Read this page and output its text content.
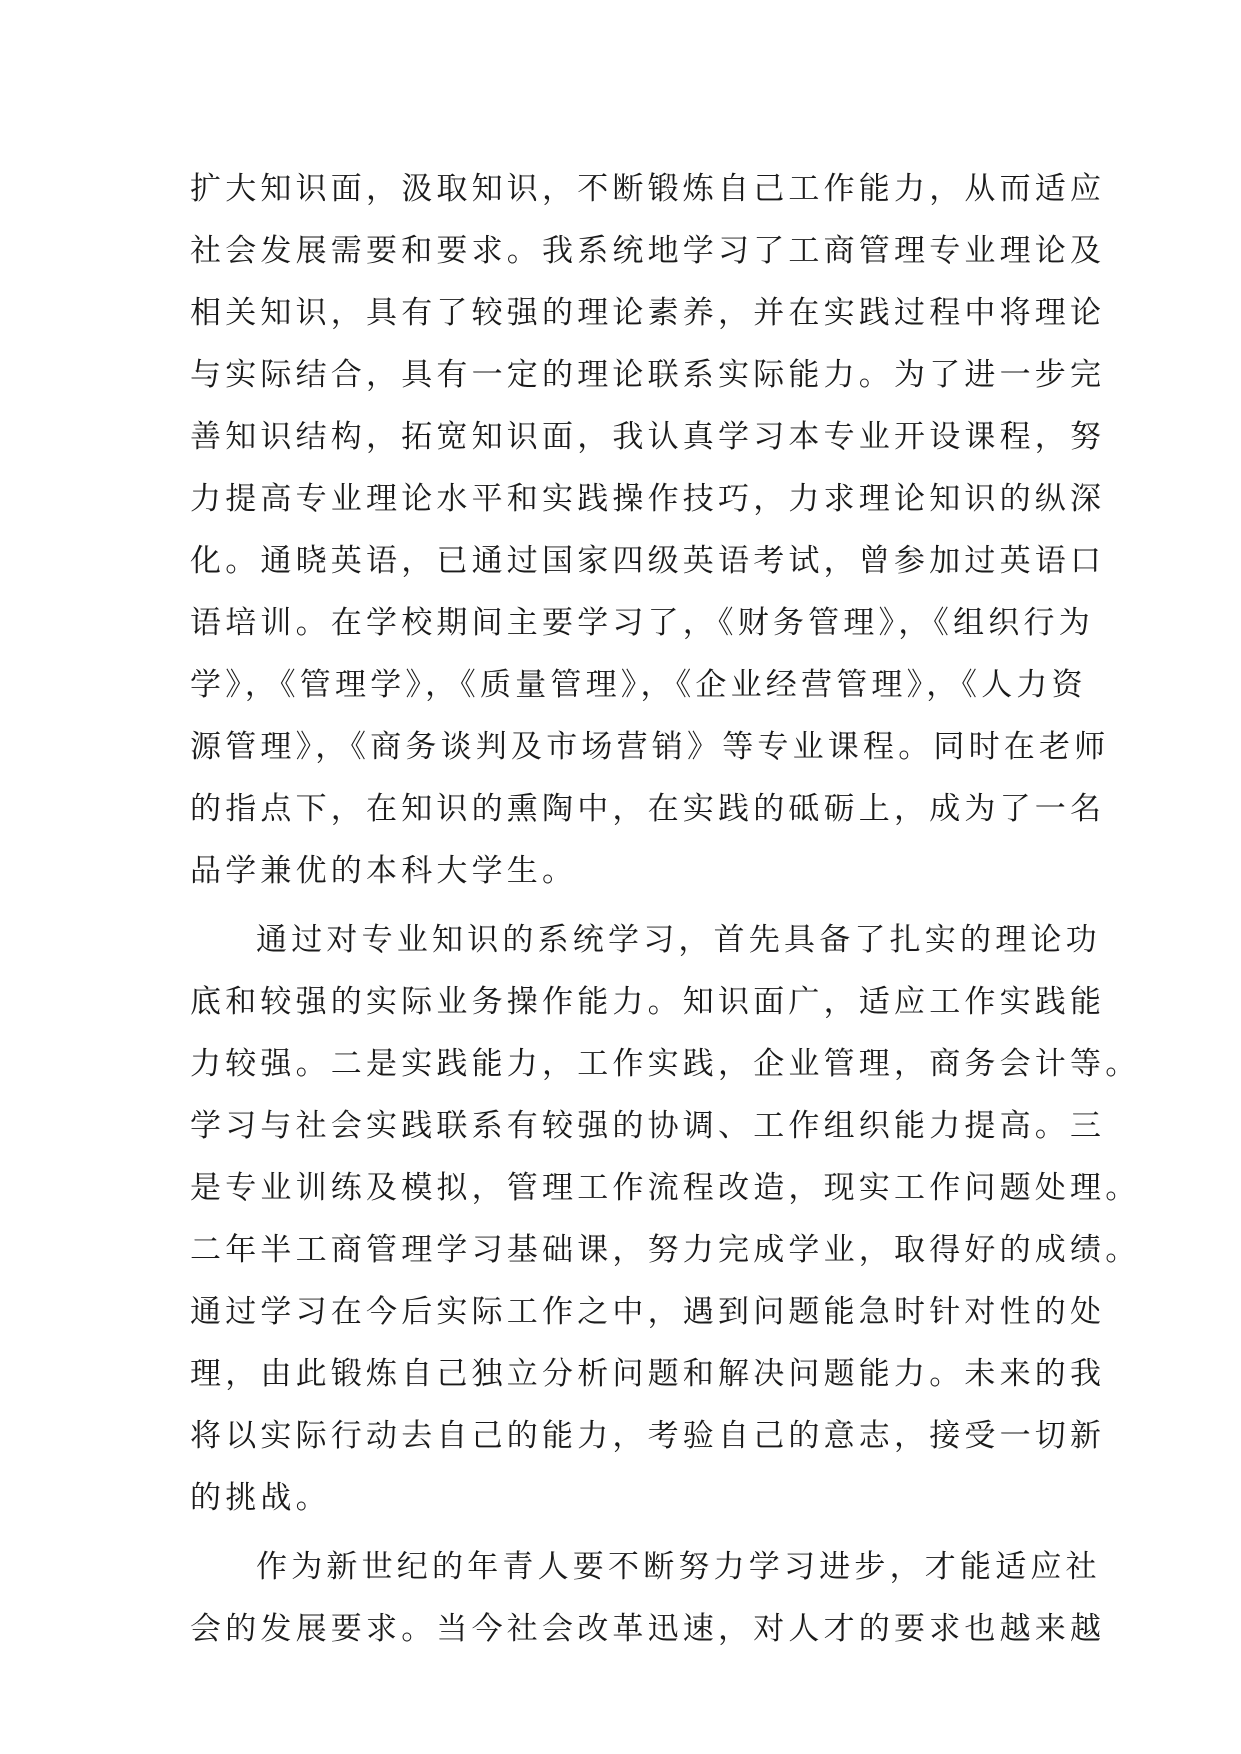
扩大知识面，汲取知识，不断锻炼自己工作能力，从而适应
社会发展需要和要求。我系统地学习了工商管理专业理论及
相关知识，具有了较强的理论素养，并在实践过程中将理论
与实际结合，具有一定的理论联系实际能力。为了进一步完
善知识结构，拓宽知识面，我认真学习本专业开设课程，努
力提高专业理论水平和实践操作技巧，力求理论知识的纵深
化。通晓英语，已通过国家四级英语考试，曾参加过英语口
语培训。在学校期间主要学习了，《财务管理》，《组织行为
学》，《管理学》，《质量管理》，《企业经营管理》，《人力资
源管理》，《商务谈判及市场营销》等专业课程。同时在老师
的指点下，在知识的熏陶中，在实践的砥砺上，成为了一名
品学兼优的本科大学生。
通过对专业知识的系统学习，首先具备了扎实的理论功
底和较强的实际业务操作能力。知识面广，适应工作实践能
力较强。二是实践能力，工作实践，企业管理，商务会计等。
学习与社会实践联系有较强的协调、工作组织能力提高。三
是专业训练及模拟，管理工作流程改造，现实工作问题处理。
二年半工商管理学习基础课，努力完成学业，取得好的成绩。
通过学习在今后实际工作之中，遇到问题能急时针对性的处
理，由此锻炼自己独立分析问题和解决问题能力。未来的我
将以实际行动去自己的能力，考验自己的意志，接受一切新
的挑战。
作为新世纪的年青人要不断努力学习进步，才能适应社
会的发展要求。当今社会改革迅速，对人才的要求也越来越
